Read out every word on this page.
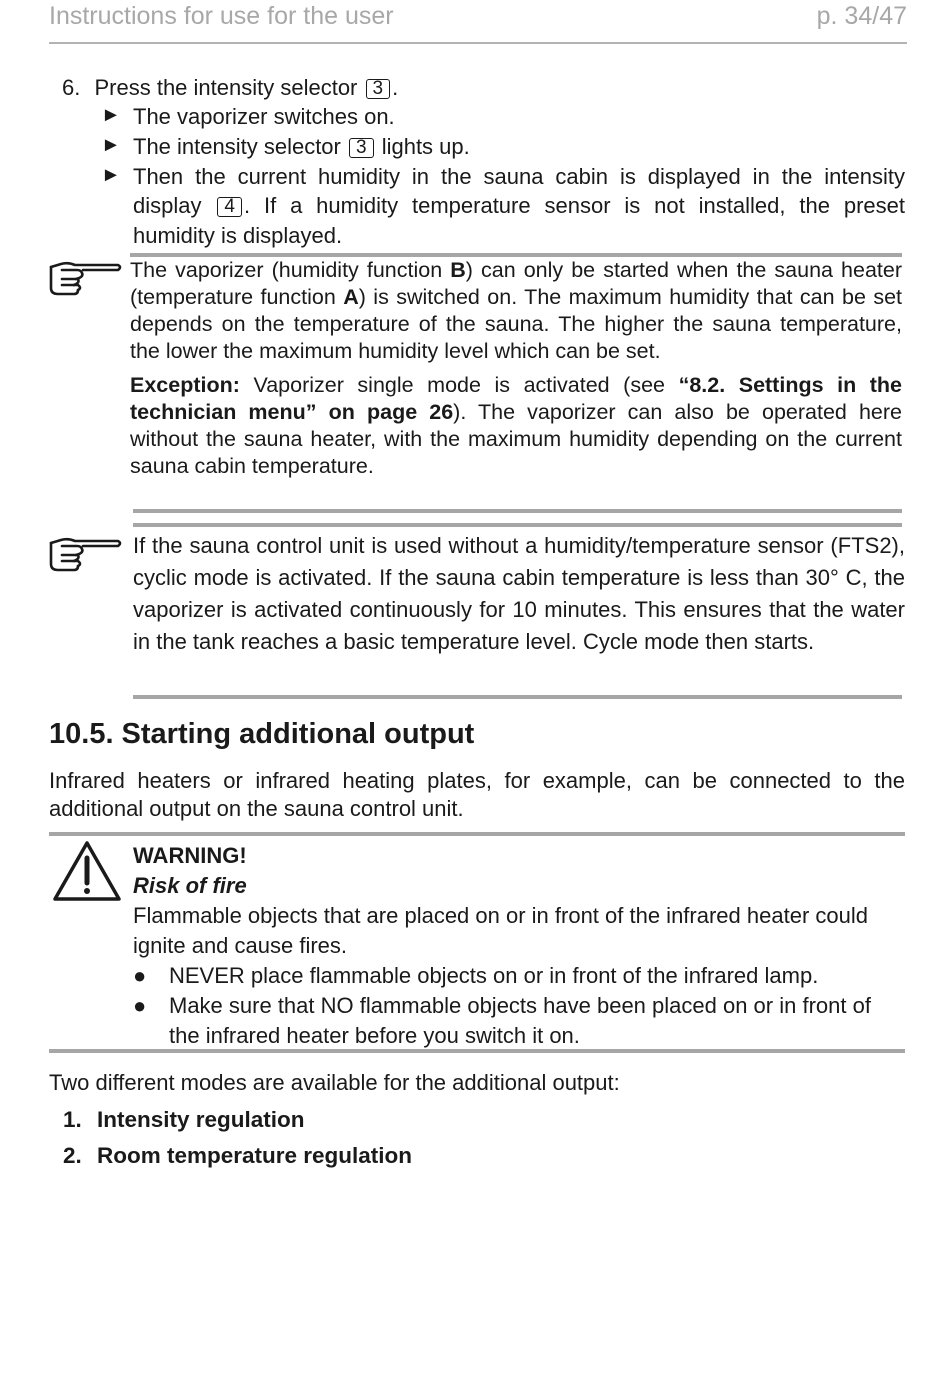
Instructions for use for the user	p. 34/47
6. Press the intensity selector 3 .
► The vaporizer switches on.
► The intensity selector 3 lights up.
► Then the current humidity in the sauna cabin is displayed in the intensity
display 4 . If a humidity temperature sensor is not installed, the preset
humidity is displayed.

The vaporizer (humidity function B) can only be started when the sauna heater (temperature function A) is switched on. The maximum humidity that can be set depends on the temperature of the sauna. The higher the sauna temperature, the lower the maximum humidity level which can be set.

Exception: Vaporizer single mode is activated (see “8.2. Settings in the technician menu” on page 26). The vaporizer can also be operated here without the sauna heater, with the maximum humidity depending on the current sauna cabin temperature.

If the sauna control unit is used without a humidity/temperature sensor (FTS2), cyclic mode is activated. If the sauna cabin temperature is less than 30° C, the vaporizer is activated continuously for 10 minutes. This ensures that the water in the tank reaches a basic temperature level. Cycle mode then starts.
10.5. Starting additional output
Infrared heaters or infrared heating plates, for example, can be connected to the additional output on the sauna control unit.
WARNING!
Risk of fire
Flammable objects that are placed on or in front of the infrared heater could ignite and cause fires.
● NEVER place flammable objects on or in front of the infrared lamp.
● Make sure that NO flammable objects have been placed on or in front of the infrared heater before you switch it on.
Two different modes are available for the additional output:
1. Intensity regulation
2. Room temperature regulation
